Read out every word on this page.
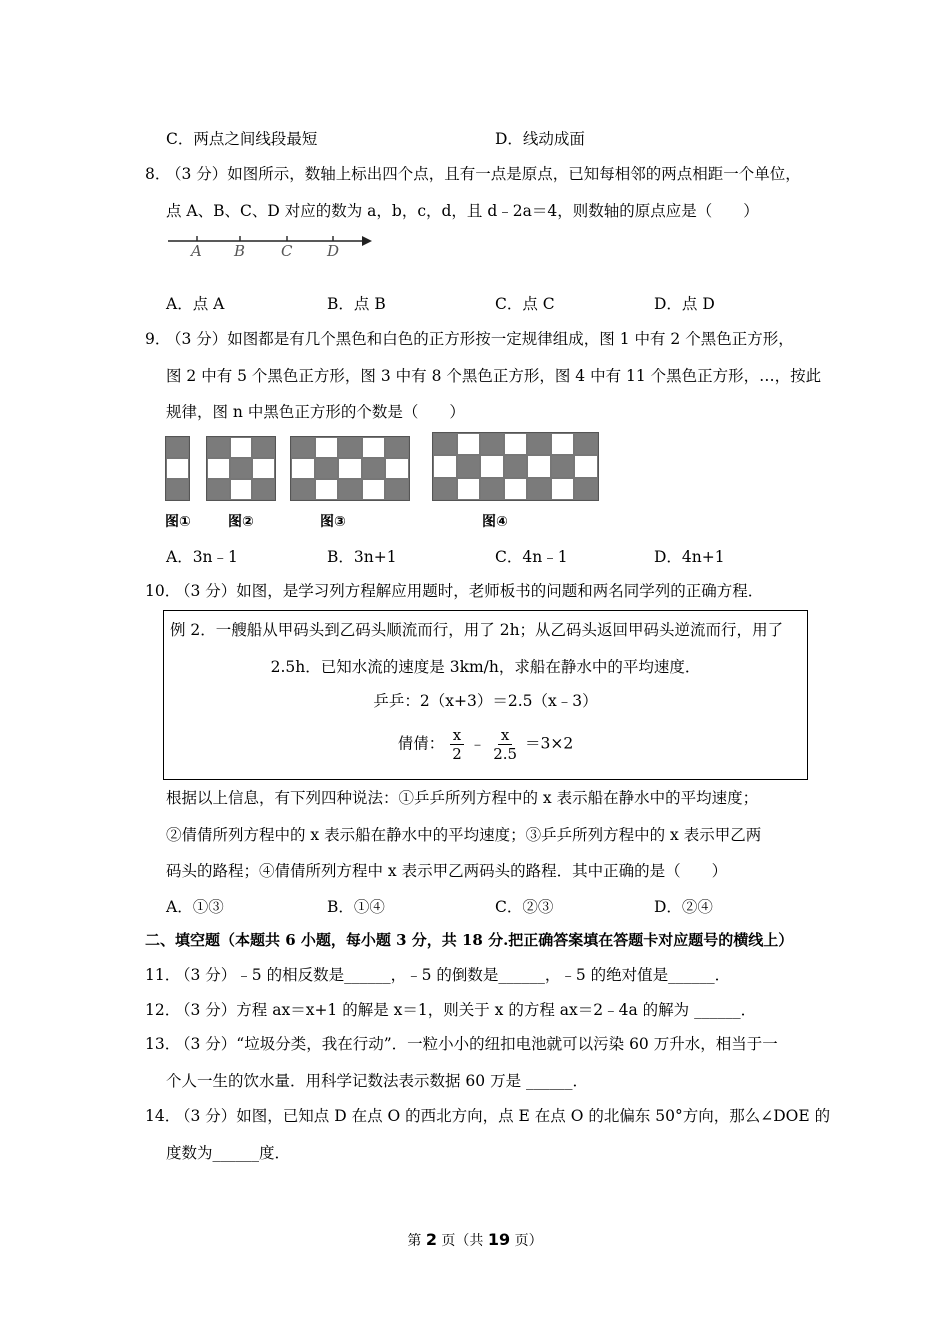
C．两点之间线段最短	D．线动成面
8．
（3 分）如图所示，数轴上标出四个点，且有一点是原点，已知每相邻的两点相距一个单位，
点 A、B、C、D 对应的数为 a，b，c，d，且 d﹣2a＝4，则数轴的原点应是（　　）
A B C D
A．点 A	B．点 B	C．点 C	D．点 D
9．
（3 分）如图都是有几个黑色和白色的正方形按一定规律组成，图 1 中有 2 个黑色正方形，
图 2 中有 5 个黑色正方形，图 3 中有 8 个黑色正方形，图 4 中有 11 个黑色正方形，…，按此
规律，图 n 中黑色正方形的个数是（　　）
图①	图②	图③	图④
A．3n﹣1	B．3n+1	C．4n﹣1	D．4n+1
10．
（3 分）如图，是学习列方程解应用题时，老师板书的问题和两名同学列的正确方程．
例 2．一艘船从甲码头到乙码头顺流而行，用了 2h；从乙码头返回甲码头逆流而行，用了
2.5h．已知水流的速度是 3km/h，求船在静水中的平均速度．
乒乒：2（x+3）＝2.5（x﹣3）
倩倩： $\frac{x}{2}$ ﹣ $\frac{x}{2.5} =3\times 2$
根据以上信息，有下列四种说法：①乒乒所列方程中的 x 表示船在静水中的平均速度；
②倩倩所列方程中的 x 表示船在静水中的平均速度；③乒乒所列方程中的 x 表示甲乙两
码头的路程；④倩倩所列方程中 x 表示甲乙两码头的路程．其中正确的是（　　）
A．①③	B．①④	C．②③	D．②④
二、填空题（本题共 6 小题，每小题 3 分，共 18 分.把正确答案填在答题卡对应题号的横线上）
11．
（3 分）﹣5 的相反数是______，﹣5 的倒数是______，﹣5 的绝对值是______．
12．
（3 分）方程 ax＝x+1 的解是 x＝1，则关于 x 的方程 ax＝2﹣4a 的解为 ______．
13．
（3 分）“垃圾分类，我在行动”．一粒小小的纽扣电池就可以污染 60 万升水，相当于一
个人一生的饮水量．用科学记数法表示数据 60 万是 ______．
14．
（3 分）如图，已知点 D 在点 O 的西北方向，点 E 在点 O 的北偏东 50°方向，那么∠DOE 的
度数为______度．
第 2 页（共 19 页）
